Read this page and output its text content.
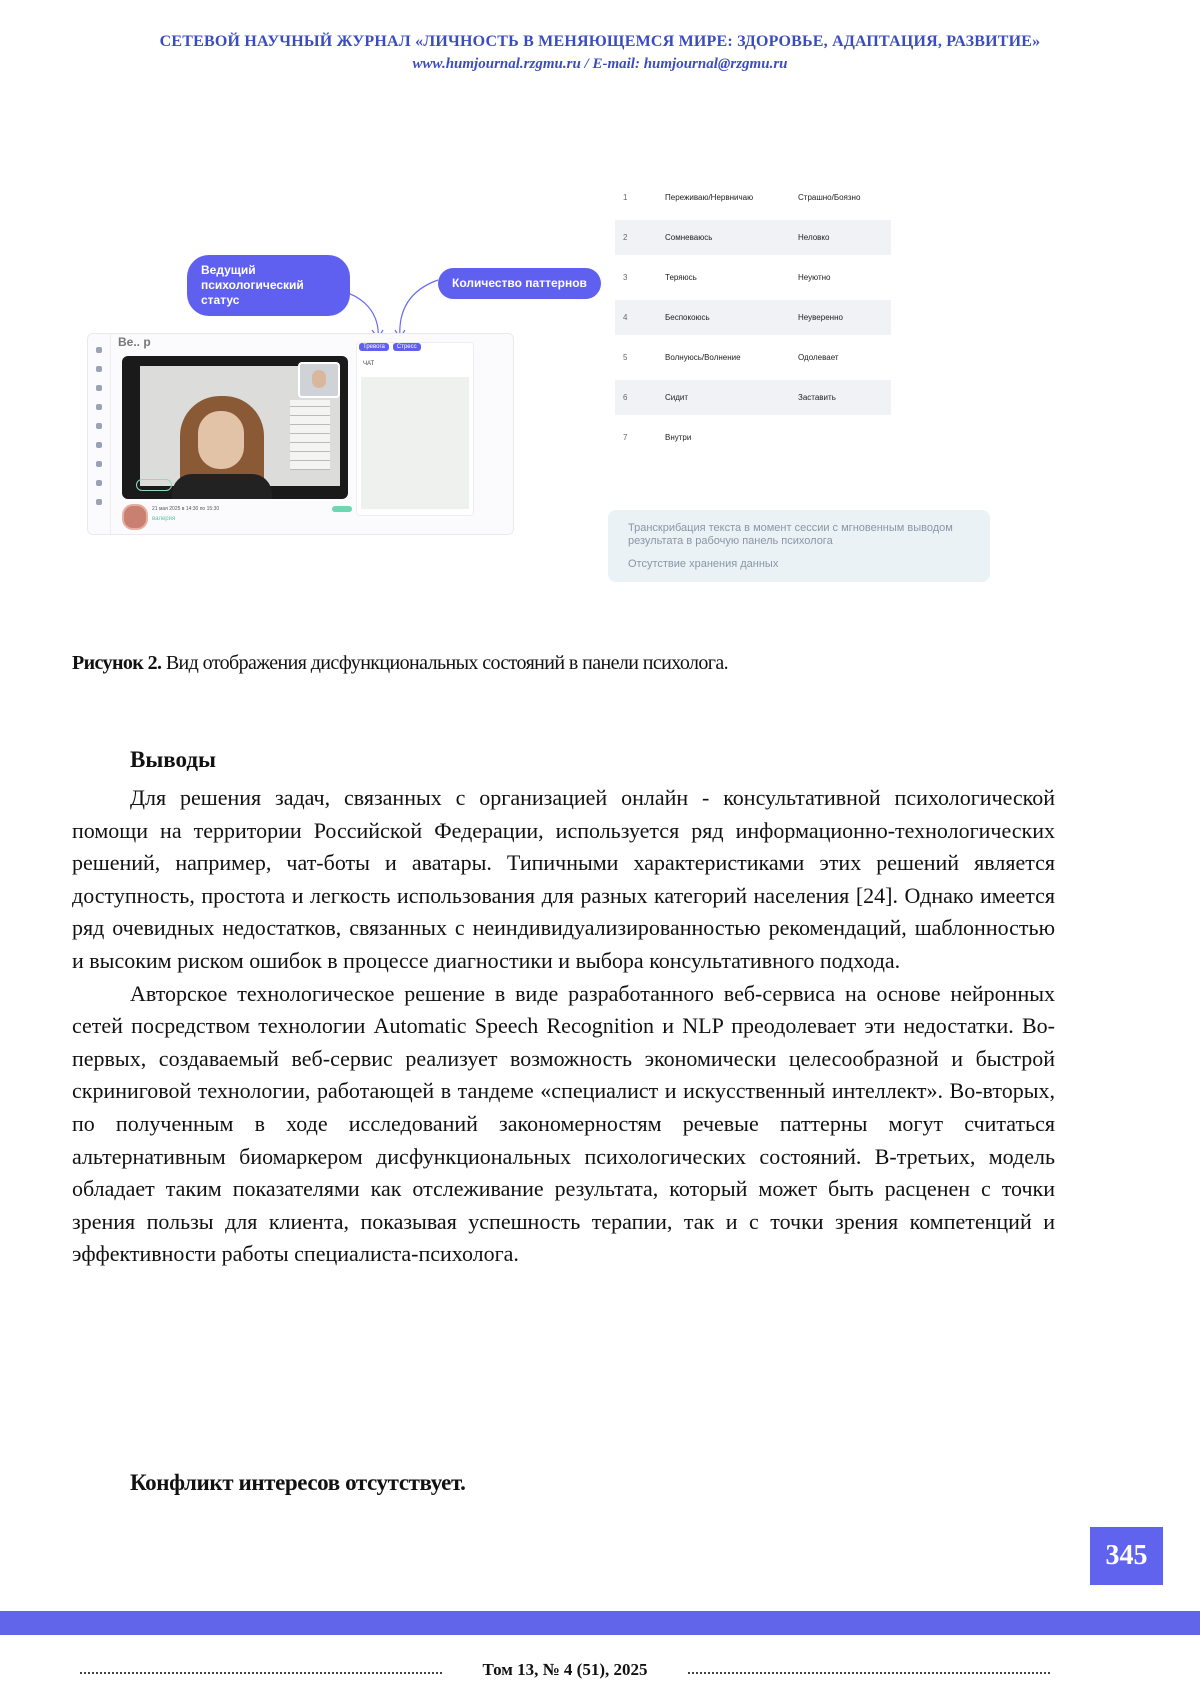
СЕТЕВОЙ НАУЧНЫЙ ЖУРНАЛ «ЛИЧНОСТЬ В МЕНЯЮЩЕМСЯ МИРЕ: ЗДОРОВЬЕ, АДАПТАЦИЯ, РАЗВИТИЕ»
www.humjournal.rzgmu.ru / E-mail: humjournal@rzgmu.ru
Ведущий психологический статус
Количество паттернов
Be.. p	Тревога	Стресс
ЧАТ
21 мая 2025 в 14:30 по 15:30
валерия
1	Переживаю/Нервничаю	Страшно/Боязно
2	Сомневаюсь	Неловко
3	Теряюсь	Неуютно
4	Беспокоюсь	Неуверенно
5	Волнуюсь/Волнение	Одолевает
6	Сидит	Заставить
7	Внутри
Транскрибация текста в момент сессии с мгновенным выводом результата в рабочую панель психолога
Отсутствие хранения данных
Рисунок 2. Вид отображения дисфункциональных состояний в панели психолога.
Выводы

Для решения задач, связанных с организацией онлайн - консультативной психологической помощи на территории Российской Федерации, используется ряд информационно-технологических решений, например, чат-боты и аватары. Типичными характеристиками этих решений является доступность, простота и легкость использования для разных категорий населения [24]. Однако имеется ряд очевидных недостатков, связанных с неиндивидуализированностью рекомендаций, шаблонностью и высоким риском ошибок в процессе диагностики и выбора консультативного подхода.

Авторское технологическое решение в виде разработанного веб-сервиса на основе нейронных сетей посредством технологии Automatic Speech Recognition и NLP преодолевает эти недостатки. Во-первых, создаваемый веб-сервис реализует возможность экономически целесообразной и быстрой скриниговой технологии, работающей в тандеме «специалист и искусственный интеллект». Во-вторых, по полученным в ходе исследований закономерностям речевые паттерны могут считаться альтернативным биомаркером дисфункциональных психологических состояний. В-третьих, модель обладает таким показателями как отслеживание результата, который может быть расценен с точки зрения пользы для клиента, показывая успешность терапии, так и с точки зрения компетенций и эффективности работы специалиста-психолога.

Конфликт интересов отсутствует.
345
Том 13, № 4 (51), 2025
